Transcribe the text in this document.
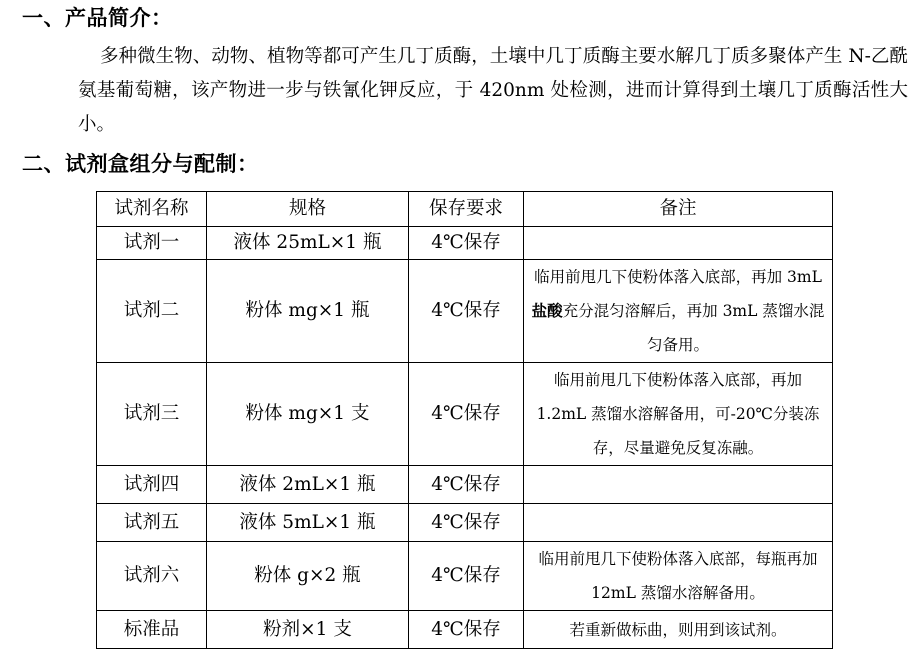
一、产品简介：

多种微生物、动物、植物等都可产生几丁质酶，土壤中几丁质酶主要水解几丁质多聚体产生 N-乙酰氨基葡萄糖，该产物进一步与铁氰化钾反应，于 420nm 处检测，进而计算得到土壤几丁质酶活性大小。

二、试剂盒组分与配制：
试剂名称	规格	保存要求	备注
试剂一	液体 25mL×1 瓶	4℃保存	
试剂二	粉体 mg×1 瓶	4℃保存	临用前甩几下使粉体落入底部，再加 3mL 盐酸充分混匀溶解后，再加 3mL 蒸馏水混匀备用。
试剂三	粉体 mg×1 支	4℃保存	临用前甩几下使粉体落入底部，再加 1.2mL 蒸馏水溶解备用，可-20℃分装冻存，尽量避免反复冻融。
试剂四	液体 2mL×1 瓶	4℃保存	
试剂五	液体 5mL×1 瓶	4℃保存	
试剂六	粉体 g×2 瓶	4℃保存	临用前甩几下使粉体落入底部，每瓶再加 12mL 蒸馏水溶解备用。
标准品	粉剂×1 支	4℃保存	若重新做标曲，则用到该试剂。
